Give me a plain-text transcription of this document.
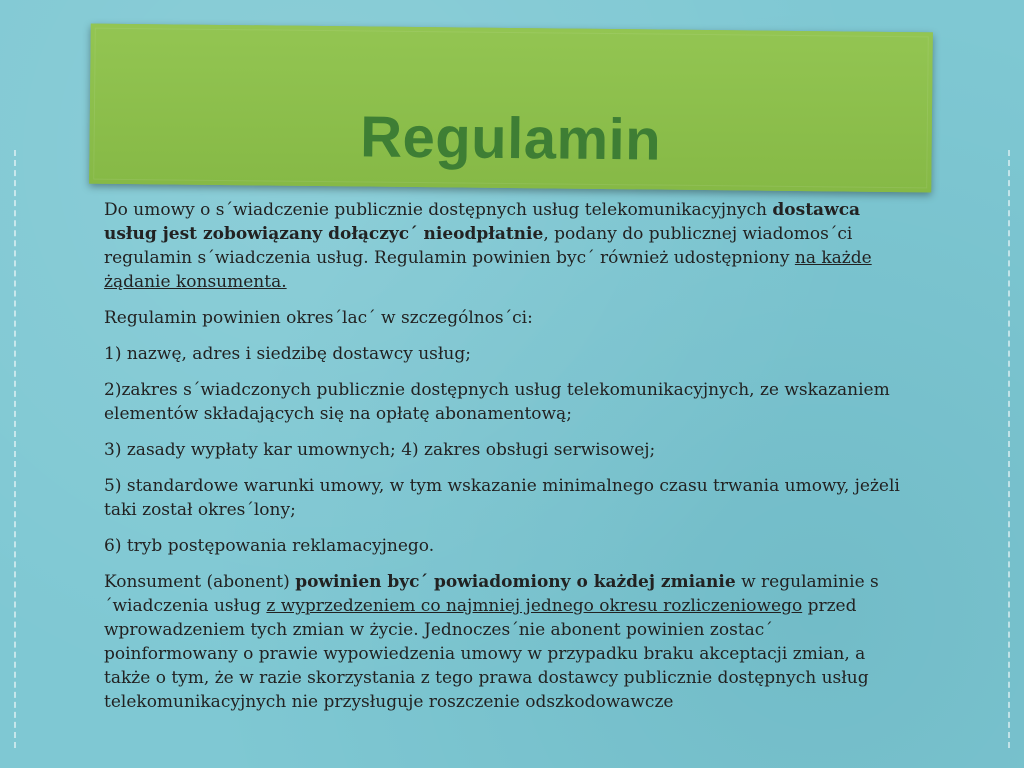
Regulamin

Do umowy o s´wiadczenie publicznie dostępnych usług telekomunikacyjnych dostawca usług jest zobowiązany dołączyc´ nieodpłatnie, podany do publicznej wiadomos´ci regulamin s´wiadczenia usług. Regulamin powinien byc´ również udostępniony na każde żądanie konsumenta.

Regulamin powinien okres´lac´ w szczególnos´ci:

1) nazwę, adres i siedzibę dostawcy usług;

2)zakres s´wiadczonych publicznie dostępnych usług telekomunikacyjnych, ze wskazaniem elementów składających się na opłatę abonamentową;

3) zasady wypłaty kar umownych; 4) zakres obsługi serwisowej;

5) standardowe warunki umowy, w tym wskazanie minimalnego czasu trwania umowy, jeżeli taki został okres´lony;

6) tryb postępowania reklamacyjnego.

Konsument (abonent) powinien byc´ powiadomiony o każdej zmianie w regulaminie s´wiadczenia usług z wyprzedzeniem co najmniej jednego okresu rozliczeniowego przed wprowadzeniem tych zmian w życie. Jednoczes´nie abonent powinien zostac´ poinformowany o prawie wypowiedzenia umowy w przypadku braku akceptacji zmian, a także o tym, że w razie skorzystania z tego prawa dostawcy publicznie dostępnych usług telekomunikacyjnych nie przysługuje roszczenie odszkodowawcze
